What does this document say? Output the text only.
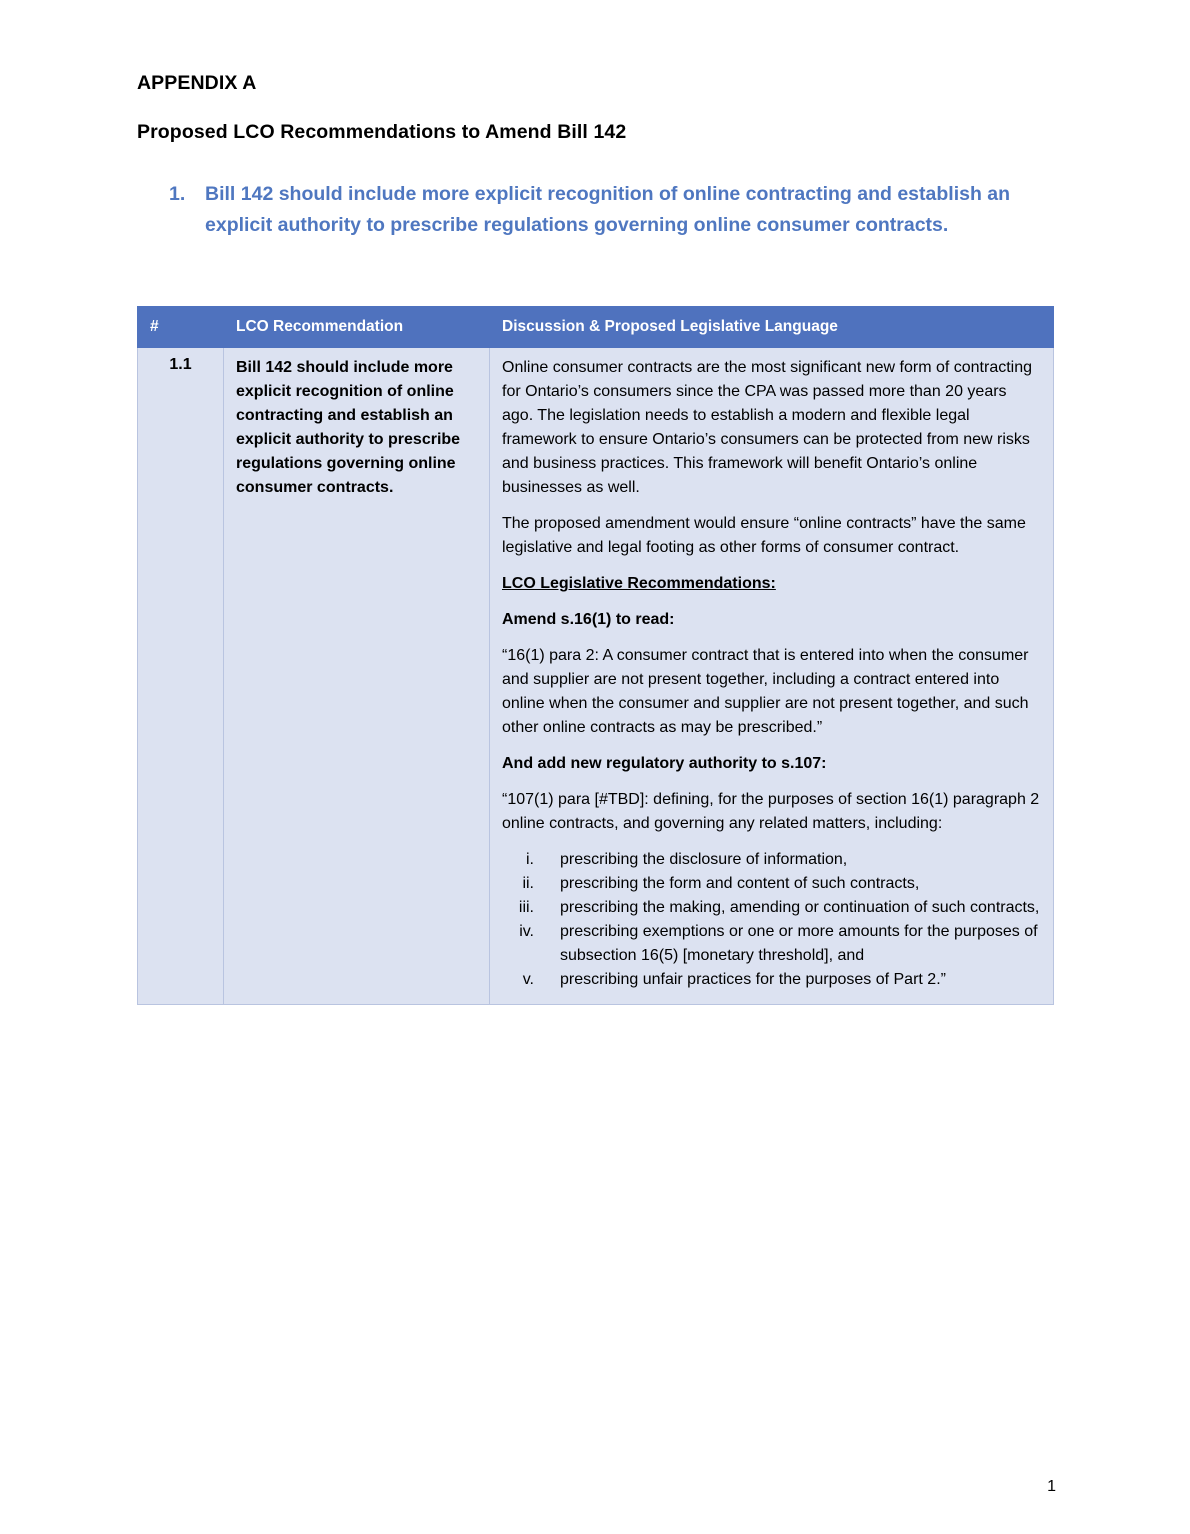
APPENDIX A
Proposed LCO Recommendations to Amend Bill 142
1.	Bill 142 should include more explicit recognition of online contracting and establish an explicit authority to prescribe regulations governing online consumer contracts.
#	LCO Recommendation	Discussion & Proposed Legislative Language
1.1	Bill 142 should include more explicit recognition of online contracting and establish an explicit authority to prescribe regulations governing online consumer contracts.	

Online consumer contracts are the most significant new form of contracting for Ontario’s consumers since the CPA was passed more than 20 years ago. The legislation needs to establish a modern and flexible legal framework to ensure Ontario’s consumers can be protected from new risks and business practices. This framework will benefit Ontario’s online businesses as well.

The proposed amendment would ensure “online contracts” have the same legislative and legal footing as other forms of consumer contract.

LCO Legislative Recommendations:

Amend s.16(1) to read:

“16(1) para 2: A consumer contract that is entered into when the consumer and supplier are not present together, including a contract entered into online when the consumer and supplier are not present together, and such other online contracts as may be prescribed.”

And add new regulatory authority to s.107:

“107(1) para [#TBD]: defining, for the purposes of section 16(1) paragraph 2 online contracts, and governing any related matters, including:

i.	prescribing the disclosure of information,
ii.	prescribing the form and content of such contracts,
iii.	prescribing the making, amending or continuation of such contracts,
iv.	prescribing exemptions or one or more amounts for the purposes of subsection 16(5) [monetary threshold], and
v.	prescribing unfair practices for the purposes of Part 2.”
1
